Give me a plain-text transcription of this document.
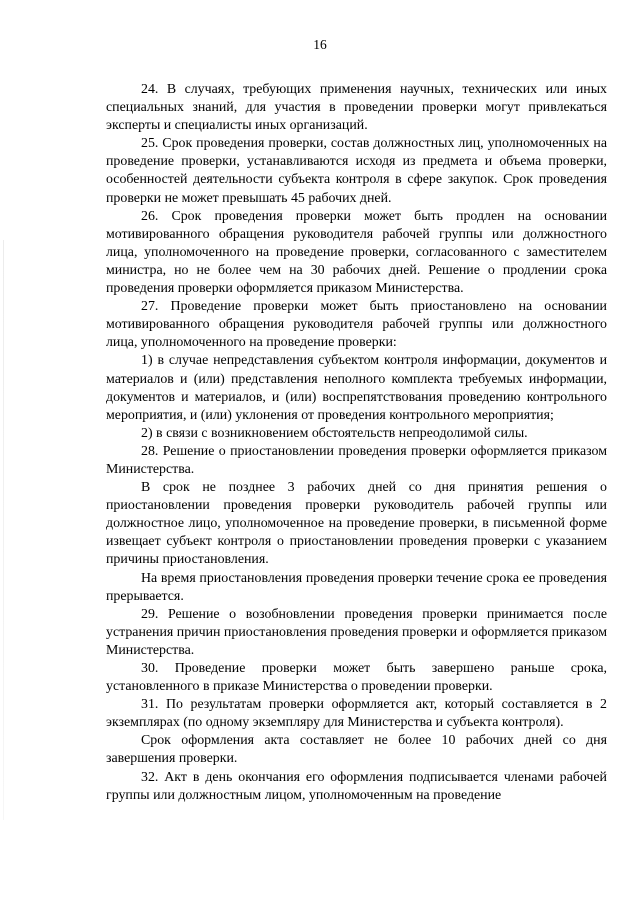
16

24. В случаях, требующих применения научных, технических или иных специальных знаний, для участия в проведении проверки могут привлекаться эксперты и специалисты иных организаций.

25. Срок проведения проверки, состав должностных лиц, уполномоченных на проведение проверки, устанавливаются исходя из предмета и объема проверки, особенностей деятельности субъекта контроля в сфере закупок. Срок проведения проверки не может превышать 45 рабочих дней.

26. Срок проведения проверки может быть продлен на основании мотивированного обращения руководителя рабочей группы или должностного лица, уполномоченного на проведение проверки, согласованного с заместителем министра, но не более чем на 30 рабочих дней. Решение о продлении срока проведения проверки оформляется приказом Министерства.

27. Проведение проверки может быть приостановлено на основании мотивированного обращения руководителя рабочей группы или должностного лица, уполномоченного на проведение проверки:

1) в случае непредставления субъектом контроля информации, документов и материалов и (или) представления неполного комплекта требуемых информации, документов и материалов, и (или) воспрепятствования проведению контрольного мероприятия, и (или) уклонения от проведения контрольного мероприятия;

2) в связи с возникновением обстоятельств непреодолимой силы.

28. Решение о приостановлении проведения проверки оформляется приказом Министерства.

В срок не позднее 3 рабочих дней со дня принятия решения о приостановлении проведения проверки руководитель рабочей группы или должностное лицо, уполномоченное на проведение проверки, в письменной форме извещает субъект контроля о приостановлении проведения проверки с указанием причины приостановления.

На время приостановления проведения проверки течение срока ее проведения прерывается.

29. Решение о возобновлении проведения проверки принимается после устранения причин приостановления проведения проверки и оформляется приказом Министерства.

30. Проведение проверки может быть завершено раньше срока, установленного в приказе Министерства о проведении проверки.

31. По результатам проверки оформляется акт, который составляется в 2 экземплярах (по одному экземпляру для Министерства и субъекта контроля).

Срок оформления акта составляет не более 10 рабочих дней со дня завершения проверки.

32. Акт в день окончания его оформления подписывается членами рабочей группы или должностным лицом, уполномоченным на проведение
